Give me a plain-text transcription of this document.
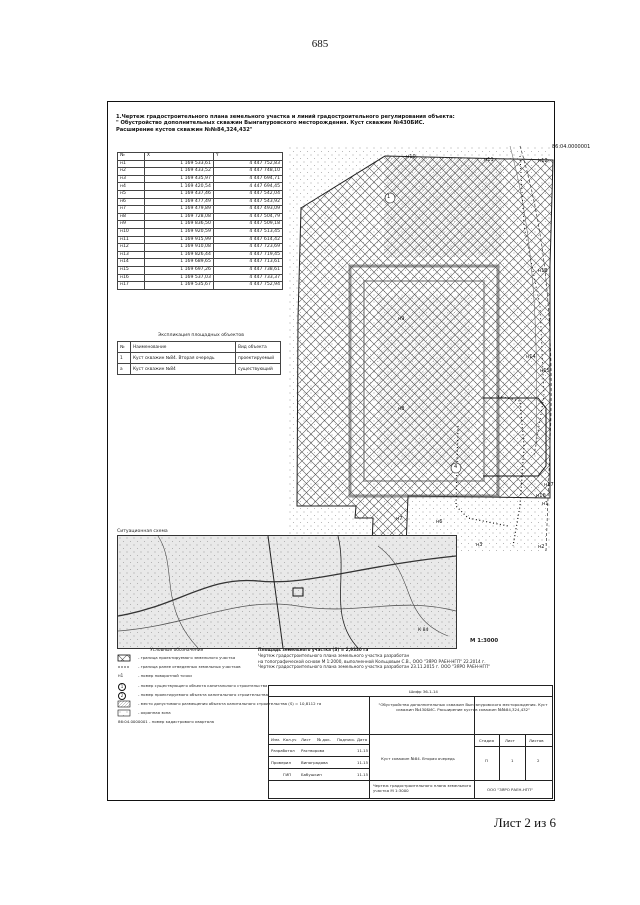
685
1.Чертеж градостроительного плана земельного участка и линий градостроительного регулирования объекта:
" Обустройство дополнительных скважин Вынгапуровского месторождения. Куст скважин №430БИС.
Расширение кустов скважин №№84,324,432"
№	X	Y
н1	1 169 533,61	4 447 752,83
н2	1 169 433,52	4 447 748,10
н3	1 169 435,97	4 447 694,71
н4	1 169 420,54	4 447 694,45
н5	1 169 437,46	4 447 542,04
н6	1 169 477,49	4 447 543,92
н7	1 169 479,89	4 447 493,09
н8	1 169 728,08	4 447 504,79
н9	1 169 836,50	4 447 509,18
н10	1 169 920,59	4 447 513,45
н11	1 169 915,99	4 447 614,42
н12	1 169 910,08	4 447 723,69
н13	1 169 826,44	4 447 719,45
н14	1 169 689,65	4 447 713,61
н15	1 169 697,26	4 447 738,61
н16	1 169 537,03	4 447 733,37
н17	1 169 535,67	4 447 752,94
Экспликация площадных объектов
№	Наименование	Вид объекта
1	Куст скважин №84. Вторая очередь	проектируемый
а	Куст скважин №84	существующий
н10	н11	н12
86:04.0000001
н13
н14
н15
н16
н17
н1
н2
н3
н6
н7
н8
н9
1
4
Ситуационная схема
К 84
М 1:3000
Площадь земельного участка (S) = 2,9330 га
Чертеж градостроительного плана земельного участка разработан
на топографической основе М 1:2000, выполненной Кольцовым С.В., ООО "ЗЯРО РАЕН-НГП" 22.2014 г.
Чертеж градостроительного плана земельного участка разработан 23.11.2015 г. ООО "ЗЯРО РАЕН-НГП"
Условные обозначения
- граница проектируемого земельного участка
- граница ранее отведенных земельных участков
н1	- номер поворотной точки
1	- номер существующего объекта капитального строительства
2	- номер проектируемого объекта капитального строительства
- место допустимого размещения объекта капитального строительства (S) = 10,8112 га
- охранная зона
86:04.0000001 - номер кадастрового квартала
Шифр 36-1-14
"Обустройство дополнительных скважин Вынгапуровского месторождения. Куст скважин №430БИС. Расширение кустов скважин №№84,324,432"
Изм. Кол.уч Лист № док. Подпись Дата
Разработал Растворова	11.15
Проверил	Виноградова	11.15
ГИП	Бабушкин	11.15
Куст скважин №84. Вторая очередь
Стадия	Лист	Листов
П	1	2
Чертеж градостроительного плана земельного участка М 1:3000	ООО "ЗЯРО РАЕН-НГП"
Лист 2 из 6
